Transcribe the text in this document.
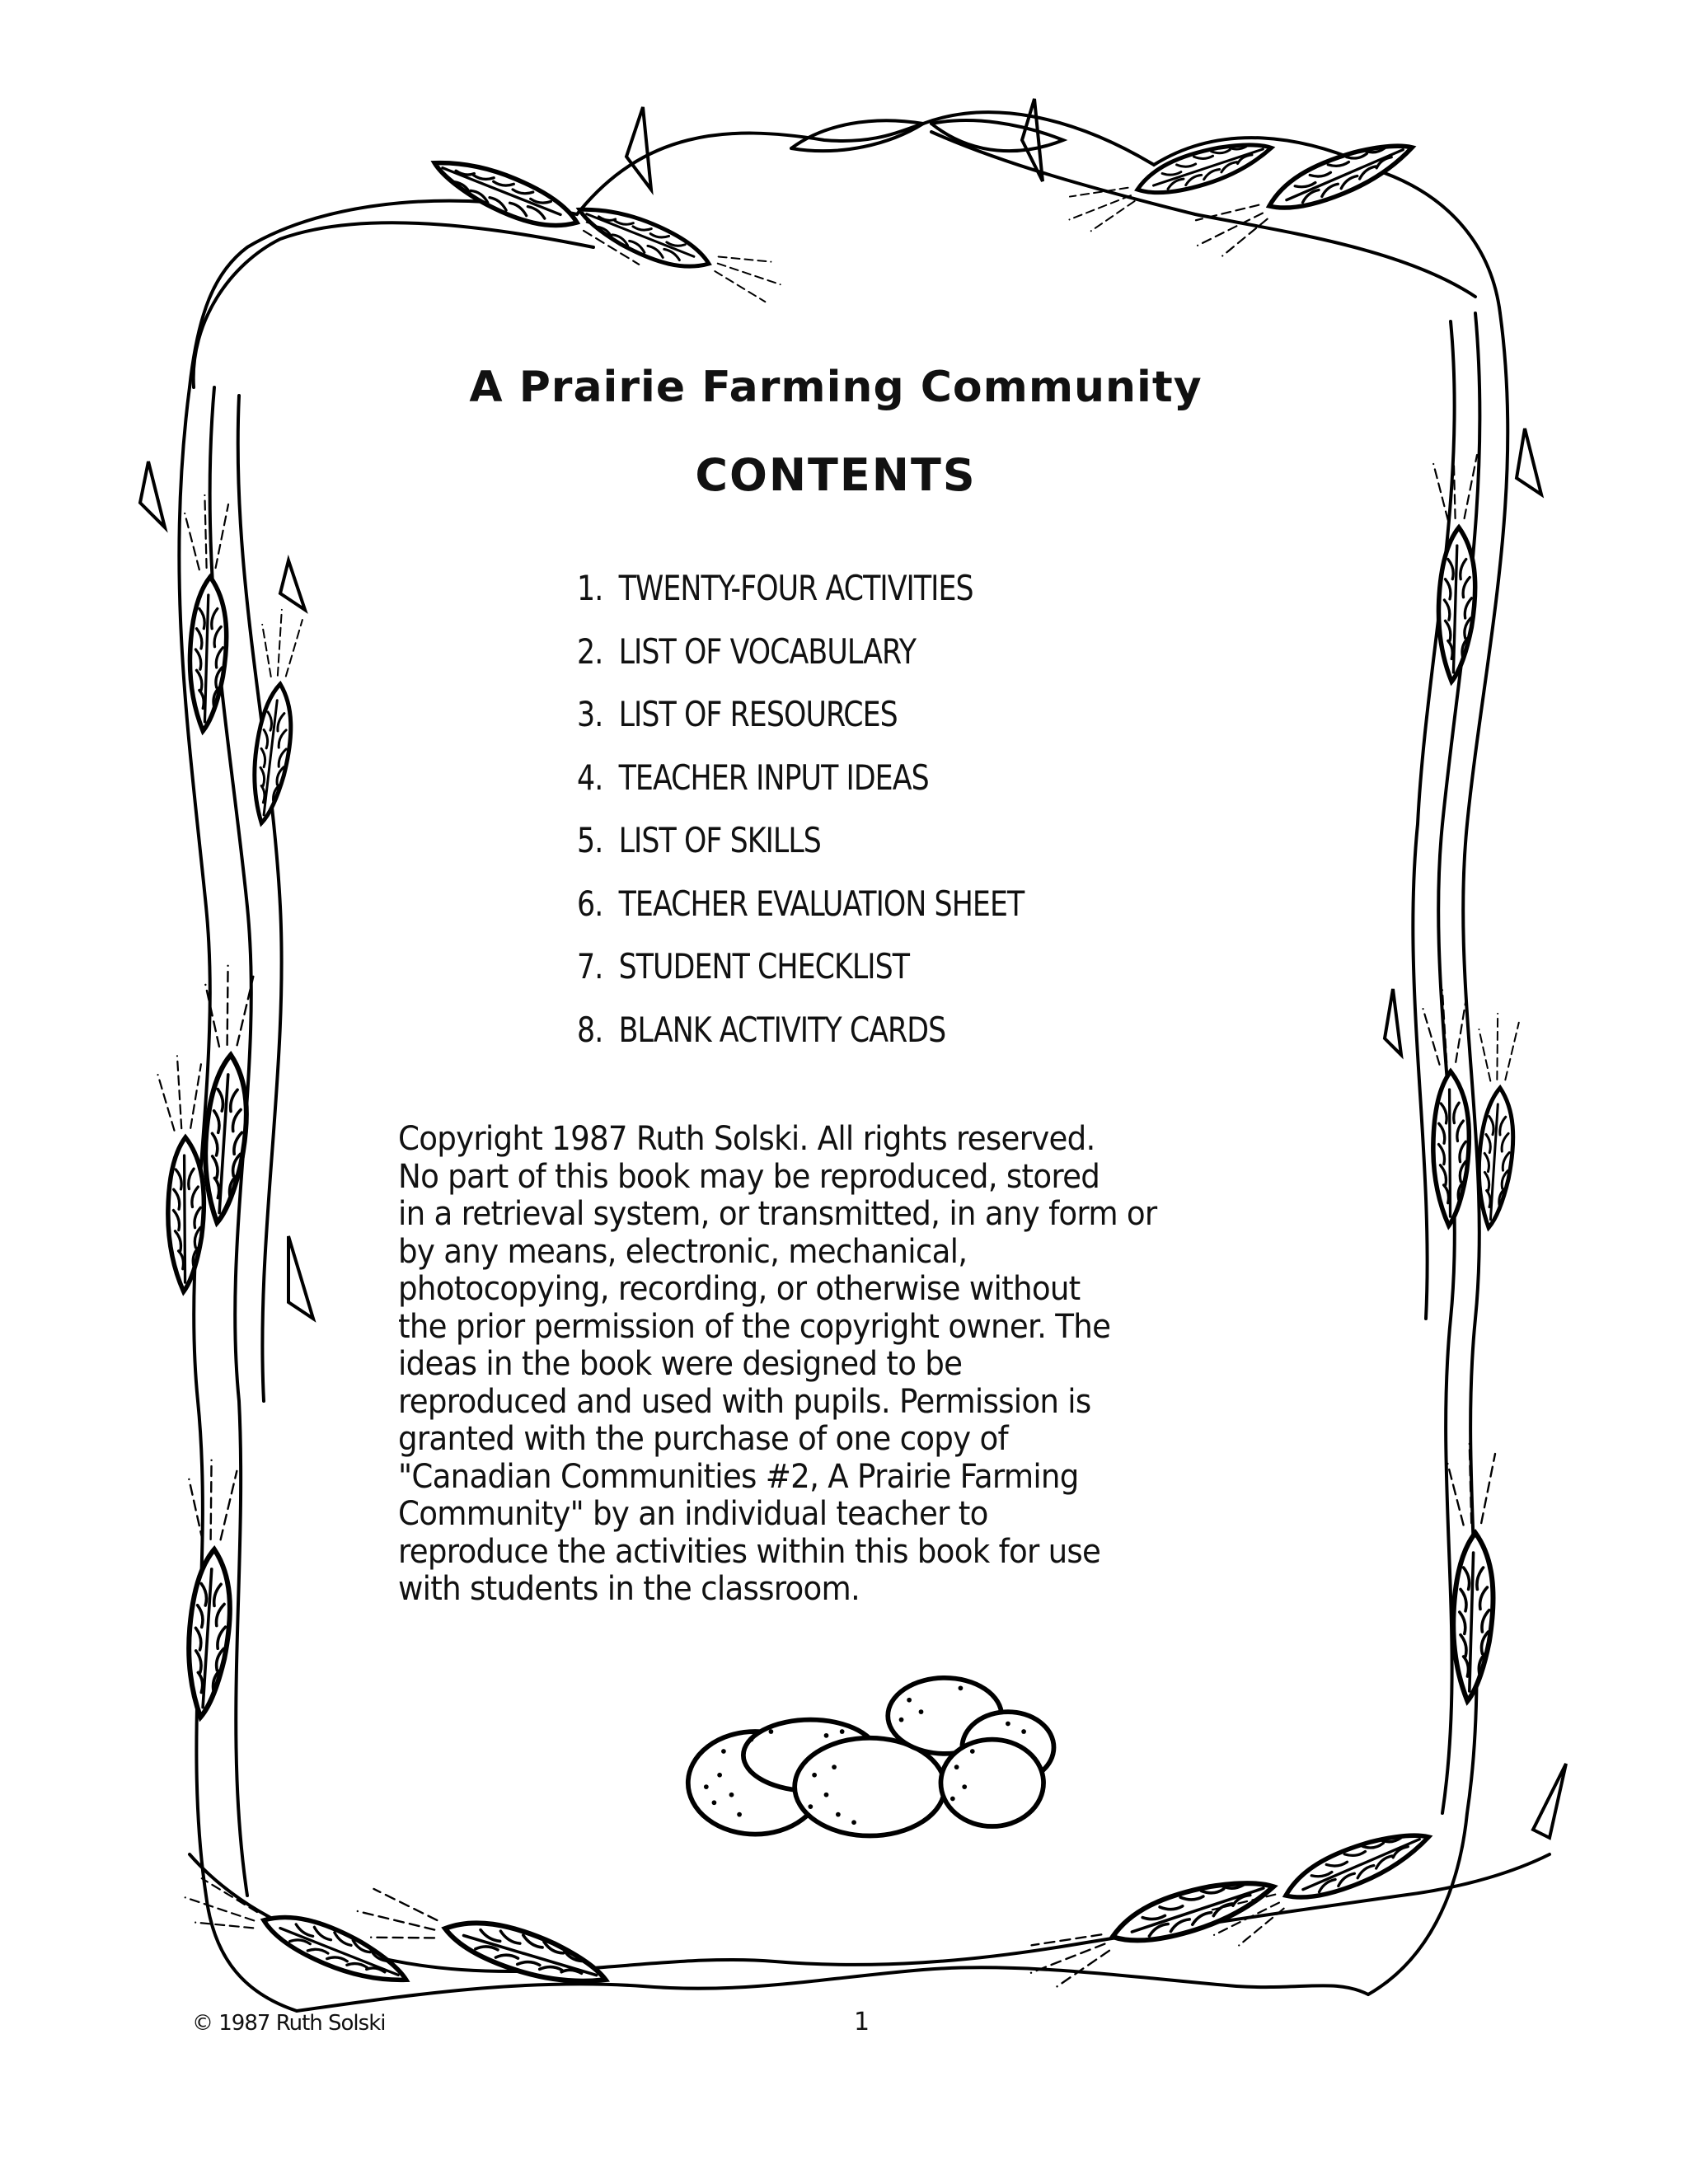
A Prairie Farming Community
CONTENTS
1. TWENTY-FOUR ACTIVITIES
2. LIST OF VOCABULARY
3. LIST OF RESOURCES
4. TEACHER INPUT IDEAS
5. LIST OF SKILLS
6. TEACHER EVALUATION SHEET
7. STUDENT CHECKLIST
8. BLANK ACTIVITY CARDS
Copyright 1987 Ruth Solski. All rights reserved.
No part of this book may be reproduced, stored
in a retrieval system, or transmitted, in any form or
by any means, electronic, mechanical,
photocopying, recording, or otherwise without
the prior permission of the copyright owner. The
ideas in the book were designed to be
reproduced and used with pupils. Permission is
granted with the purchase of one copy of
"Canadian Communities #2, A Prairie Farming
Community" by an individual teacher to
reproduce the activities within this book for use
with students in the classroom.
© 1987 Ruth Solski	1
